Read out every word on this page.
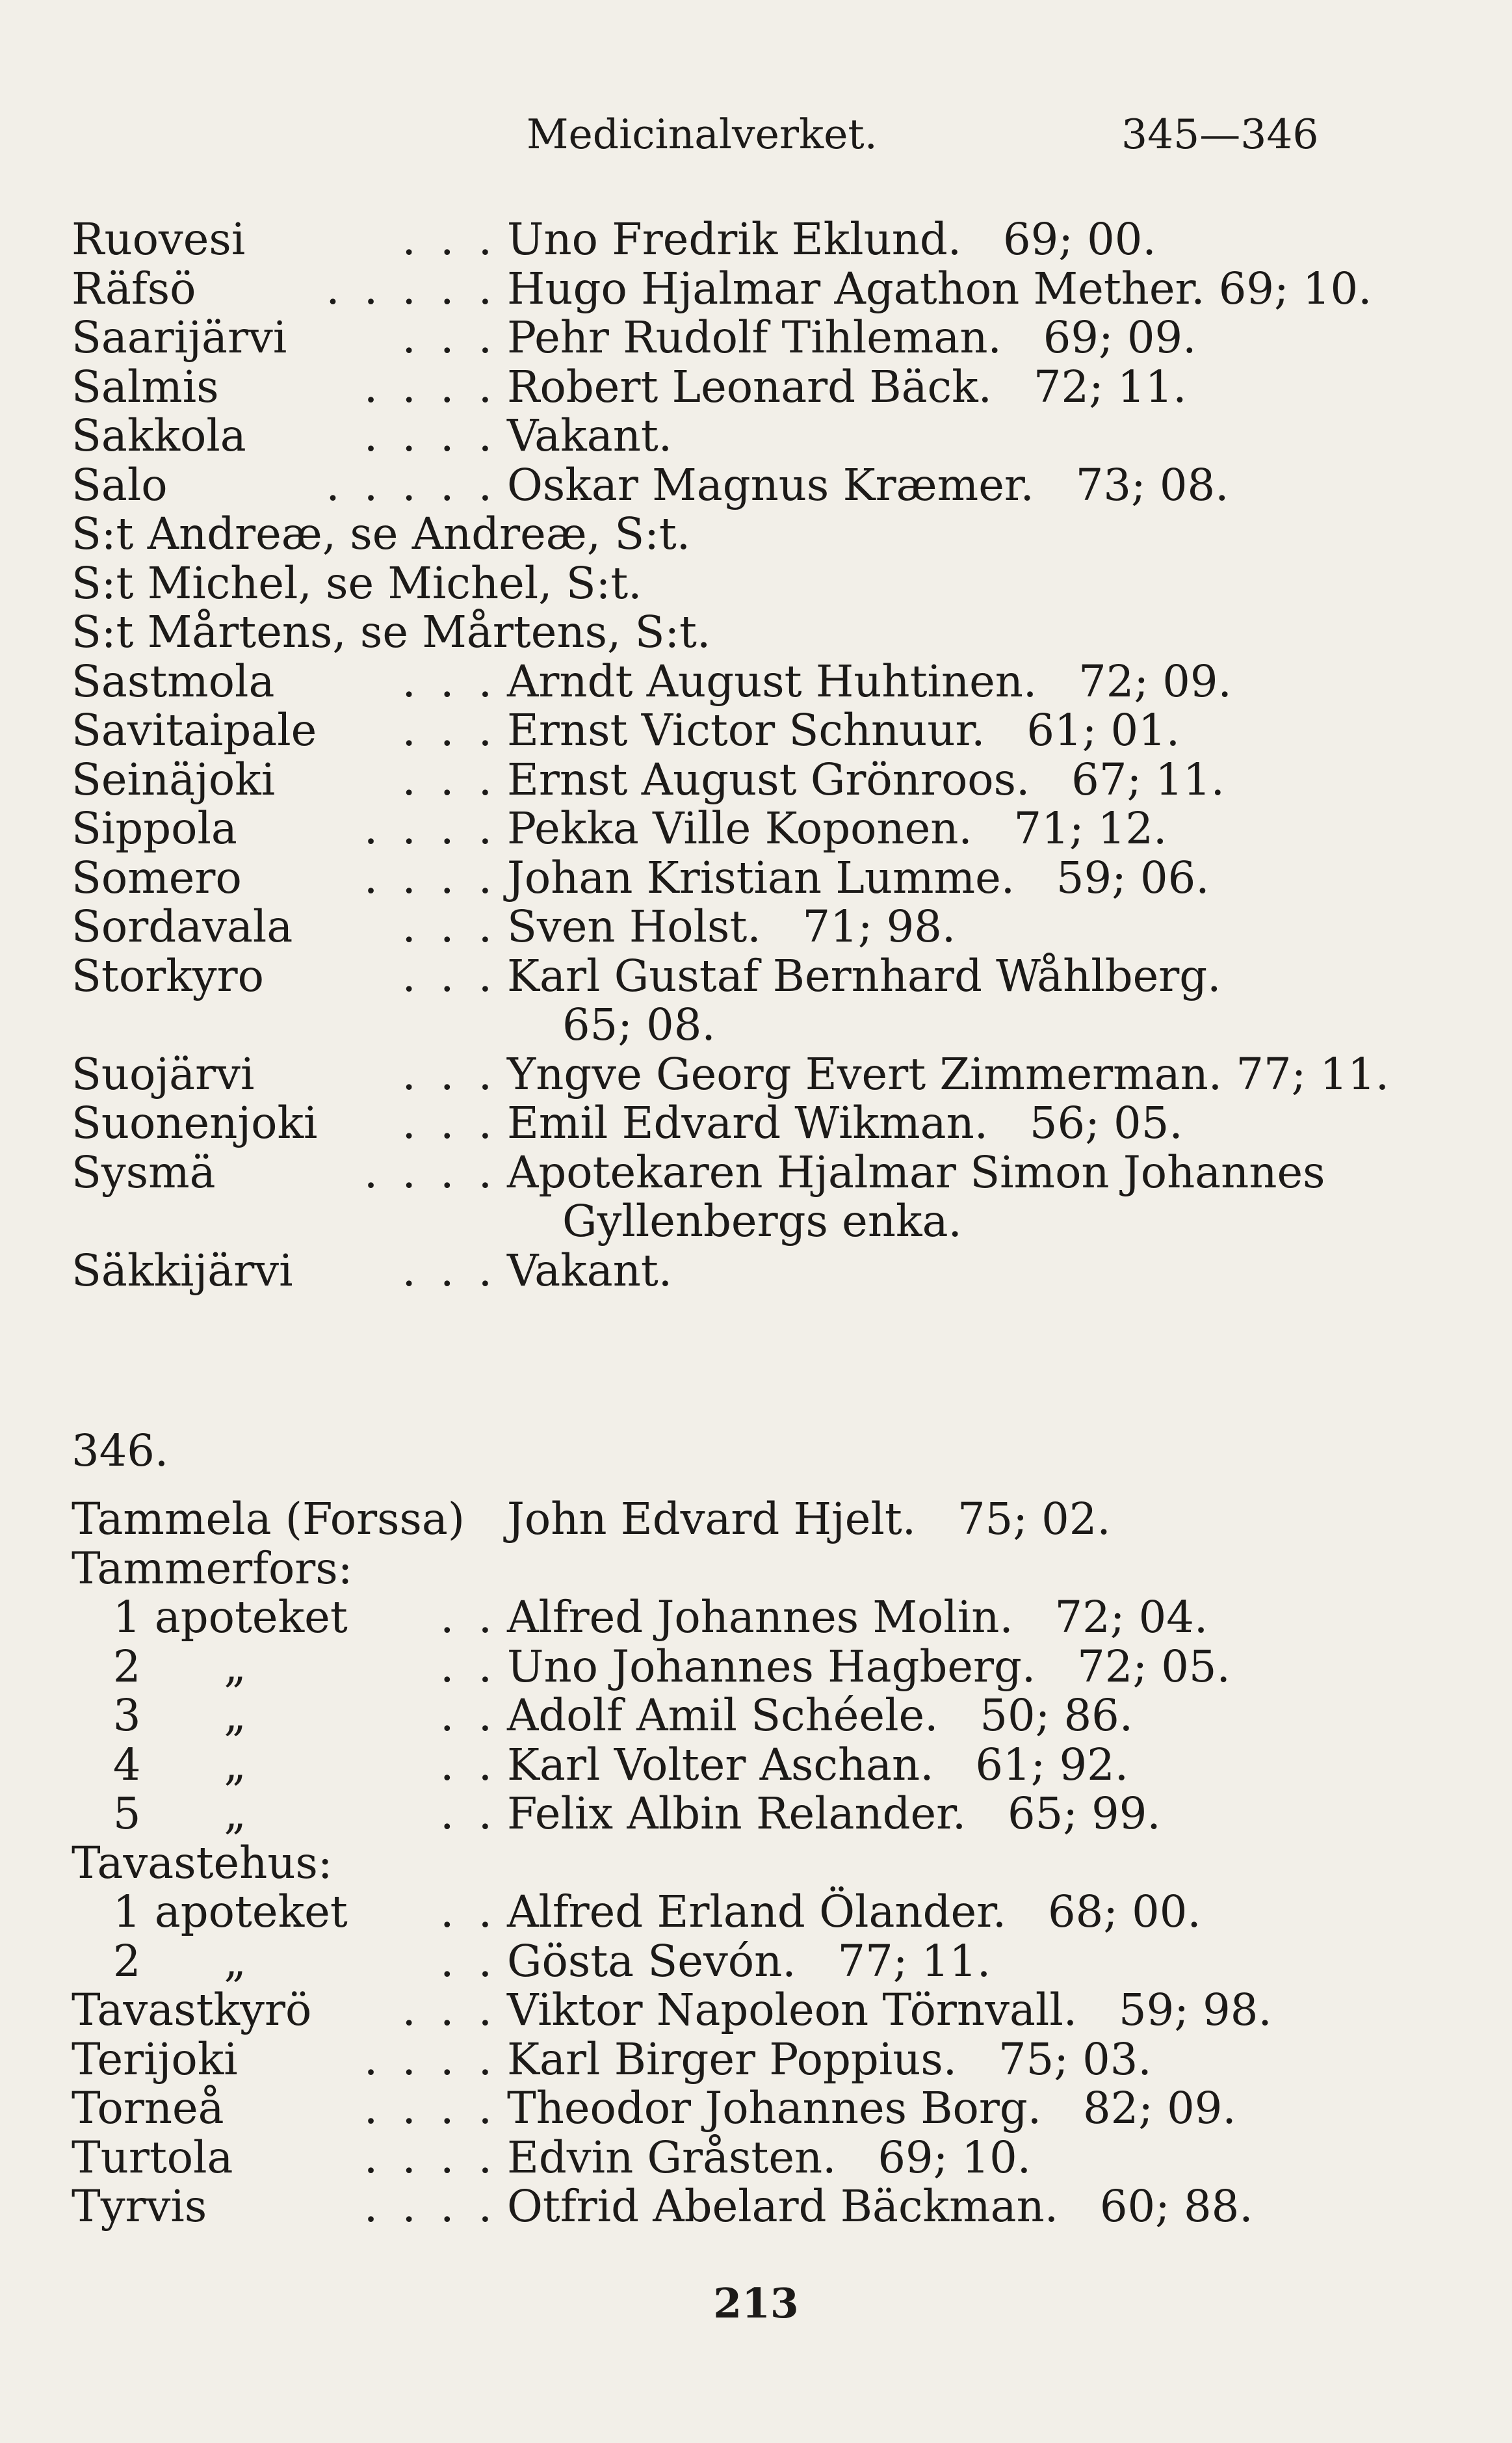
Medicinalverket.	345—346
Ruovesi	. . . Uno Fredrik Eklund.   69; 00.
Räfsö	. . . . . Hugo Hjalmar Agathon Mether. 69; 10.
Saarijärvi	. . . Pehr Rudolf Tihleman.   69; 09.
Salmis	. . . . Robert Leonard Bäck.   72; 11.
Sakkola	. . . . Vakant.
Salo	. . . . . Oskar Magnus Kræmer.   73; 08.
S:t Andreæ, se Andreæ, S:t.
S:t Michel, se Michel, S:t.
S:t Mårtens, se Mårtens, S:t.
Sastmola	. . . Arndt August Huhtinen.   72; 09.
Savitaipale . . . Ernst Victor Schnuur.   61; 01.
Seinäjoki	. . . Ernst August Grönroos.   67; 11.
Sippola	. . . . Pekka Ville Koponen.   71; 12.
Somero	. . . . Johan Kristian Lumme.   59; 06.
Sordavala	. . . Sven Holst.   71; 98.
Storkyro	. . . Karl Gustaf Bernhard Wåhlberg.
65; 08.
Suojärvi	. . . Yngve Georg Evert Zimmerman. 77; 11.
Suonenjoki . . . Emil Edvard Wikman.   56; 05.
Sysmä	. . . . Apotekaren Hjalmar Simon Johannes
Gyllenbergs enka.
Säkkijärvi	. . . Vakant.
346.
Tammela (Forssa) John Edvard Hjelt.   75; 02.
Tammerfors:
1 apoteket . . Alfred Johannes Molin.   72; 04.
2      „	. . Uno Johannes Hagberg.   72; 05.
3      „	. . Adolf Amil Schéele.   50; 86.
4      „	. . Karl Volter Aschan.   61; 92.
5      „	. . Felix Albin Relander.   65; 99.
Tavastehus:
1 apoteket . . Alfred Erland Ölander.   68; 00.
2      „	. . Gösta Sevón.   77; 11.
Tavastkyrö . . . Viktor Napoleon Törnvall.   59; 98.
Terijoki	. . . . Karl Birger Poppius.   75; 03.
Torneå	. . . . Theodor Johannes Borg.   82; 09.
Turtola	. . . . Edvin Gråsten.   69; 10.
Tyrvis	. . . . Otfrid Abelard Bäckman.   60; 88.
213
